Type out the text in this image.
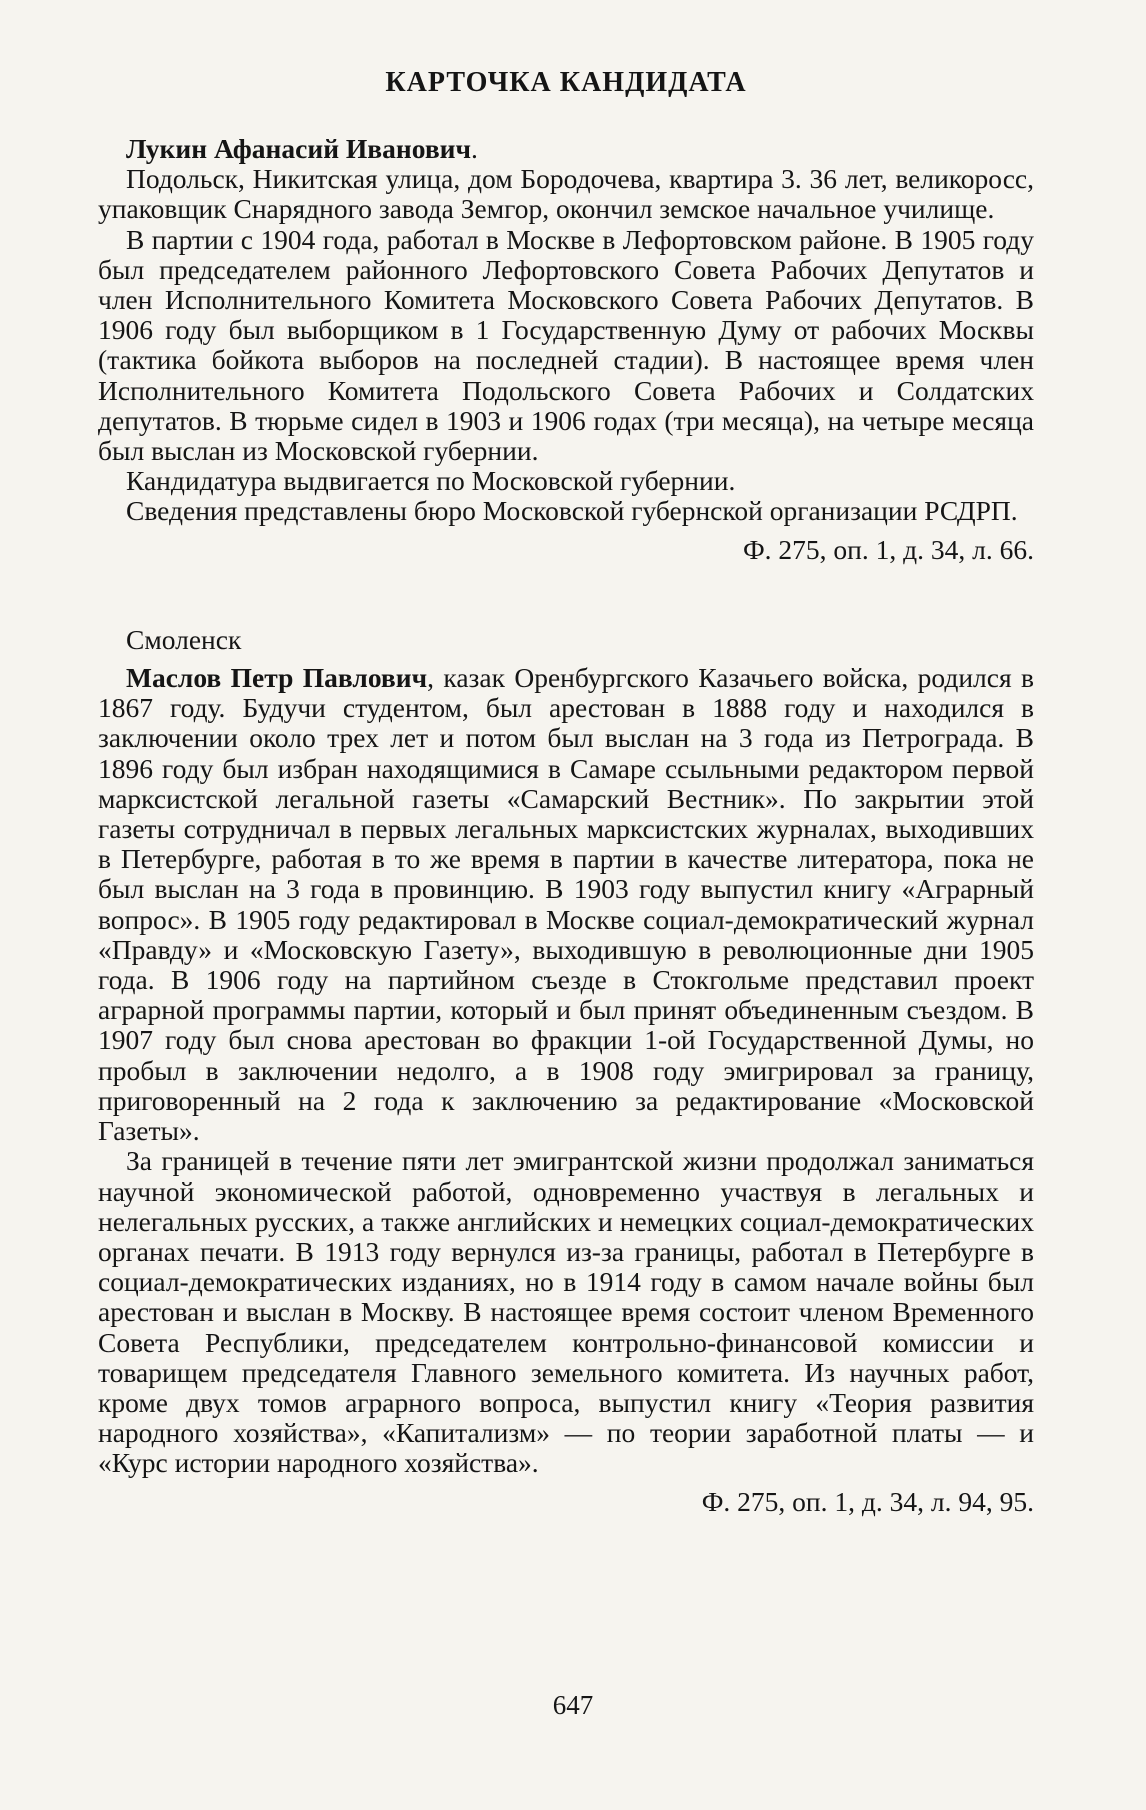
КАРТОЧКА КАНДИДАТА

Лукин Афанасий Иванович.

Подольск, Никитская улица, дом Бородочева, квартира 3. 36 лет, великоросс, упаковщик Снарядного завода Земгор, окончил земское начальное училище.

В партии с 1904 года, работал в Москве в Лефортовском районе. В 1905 году был председателем районного Лефортовского Совета Рабочих Депутатов и член Исполнительного Комитета Московского Совета Рабочих Депутатов. В 1906 году был выборщиком в 1 Государственную Думу от рабочих Москвы (тактика бойкота выборов на последней стадии). В настоящее время член Исполнительного Комитета Подольского Совета Рабочих и Солдатских депутатов. В тюрьме сидел в 1903 и 1906 годах (три месяца), на четыре месяца был выслан из Московской губернии.

Кандидатура выдвигается по Московской губернии.

Сведения представлены бюро Московской губернской организации РСДРП.

Ф. 275, оп. 1, д. 34, л. 66.

Смоленск

Маслов Петр Павлович, казак Оренбургского Казачьего войска, родился в 1867 году. Будучи студентом, был арестован в 1888 году и находился в заключении около трех лет и потом был выслан на 3 года из Петрограда. В 1896 году был избран находящимися в Самаре ссыльными редактором первой марксистской легальной газеты «Самарский Вестник». По закрытии этой газеты сотрудничал в первых легальных марксистских журналах, выходивших в Петербурге, работая в то же время в партии в качестве литератора, пока не был выслан на 3 года в провинцию. В 1903 году выпустил книгу «Аграрный вопрос». В 1905 году редактировал в Москве социал-демократический журнал «Правду» и «Московскую Газету», выходившую в революционные дни 1905 года. В 1906 году на партийном съезде в Стокгольме представил проект аграрной программы партии, который и был принят объединенным съездом. В 1907 году был снова арестован во фракции 1-ой Государственной Думы, но пробыл в заключении недолго, а в 1908 году эмигрировал за границу, приговоренный на 2 года к заключению за редактирование «Московской Газеты».

За границей в течение пяти лет эмигрантской жизни продолжал заниматься научной экономической работой, одновременно участвуя в легальных и нелегальных русских, а также английских и немецких социал-демократических органах печати. В 1913 году вернулся из-за границы, работал в Петербурге в социал-демократических изданиях, но в 1914 году в самом начале войны был арестован и выслан в Москву. В настоящее время состоит членом Временного Совета Республики, председателем контрольно-финансовой комиссии и товарищем председателя Главного земельного комитета. Из научных работ, кроме двух томов аграрного вопроса, выпустил книгу «Теория развития народного хозяйства», «Капитализм» — по теории заработной платы — и «Курс истории народного хозяйства».

Ф. 275, оп. 1, д. 34, л. 94, 95.

647
